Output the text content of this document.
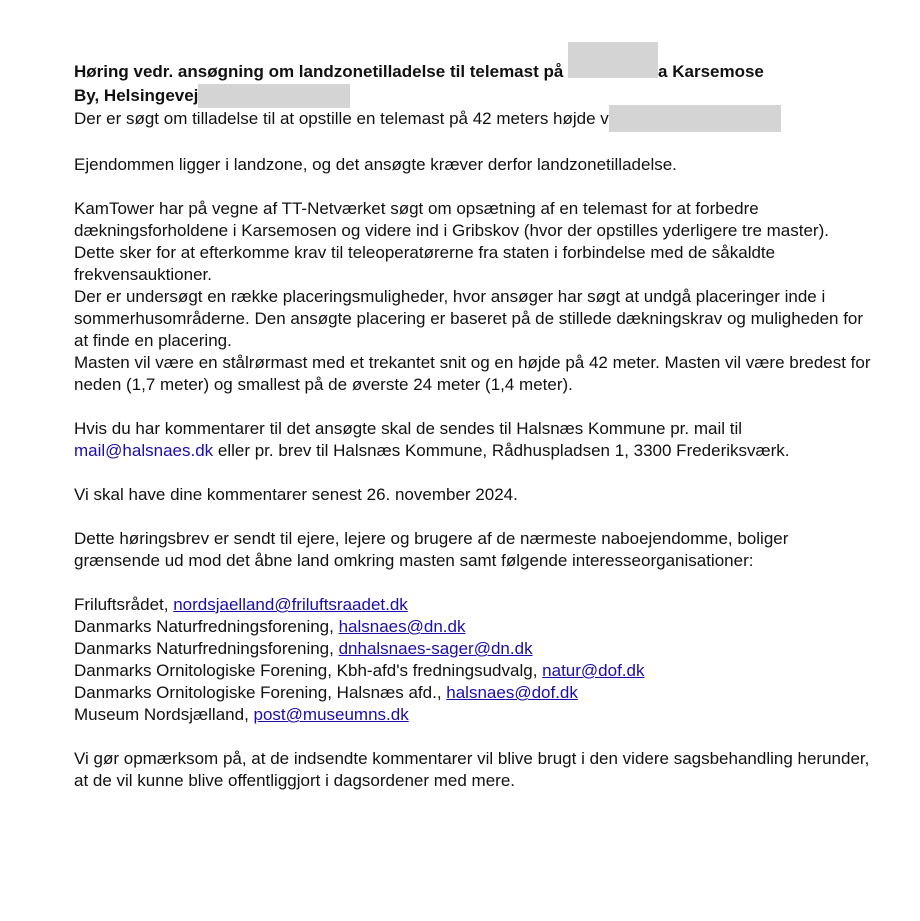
Høring vedr. ansøgning om landzonetilladelse til telemast på	a Karsemose
By, Helsingevej

Der er søgt om tilladelse til at opstille en telemast på 42 meters højde v

Ejendommen ligger i landzone, og det ansøgte kræver derfor landzonetilladelse.

KamTower har på vegne af TT-Netværket søgt om opsætning af en telemast for at forbedre dækningsforholdene i Karsemosen og videre ind i Gribskov (hvor der opstilles yderligere tre master). Dette sker for at efterkomme krav til teleoperatørerne fra staten i forbindelse med de såkaldte frekvensauktioner.

Der er undersøgt en række placeringsmuligheder, hvor ansøger har søgt at undgå placeringer inde i sommerhusområderne. Den ansøgte placering er baseret på de stillede dækningskrav og muligheden for at finde en placering.

Masten vil være en stålrørmast med et trekantet snit og en højde på 42 meter. Masten vil være bredest for neden (1,7 meter) og smallest på de øverste 24 meter (1,4 meter).

Hvis du har kommentarer til det ansøgte skal de sendes til Halsnæs Kommune pr. mail til mail@halsnaes.dk eller pr. brev til Halsnæs Kommune, Rådhuspladsen 1, 3300 Frederiksværk.

Vi skal have dine kommentarer senest 26. november 2024.

Dette høringsbrev er sendt til ejere, lejere og brugere af de nærmeste naboejendomme, boliger grænsende ud mod det åbne land omkring masten samt følgende interesseorganisationer:

Friluftsrådet, nordsjaelland@friluftsraadet.dk

Danmarks Naturfredningsforening, halsnaes@dn.dk

Danmarks Naturfredningsforening, dnhalsnaes-sager@dn.dk

Danmarks Ornitologiske Forening, Kbh-afd's fredningsudvalg, natur@dof.dk

Danmarks Ornitologiske Forening, Halsnæs afd., halsnaes@dof.dk

Museum Nordsjælland, post@museumns.dk

Vi gør opmærksom på, at de indsendte kommentarer vil blive brugt i den videre sagsbehandling herunder, at de vil kunne blive offentliggjort i dagsordener med mere.
